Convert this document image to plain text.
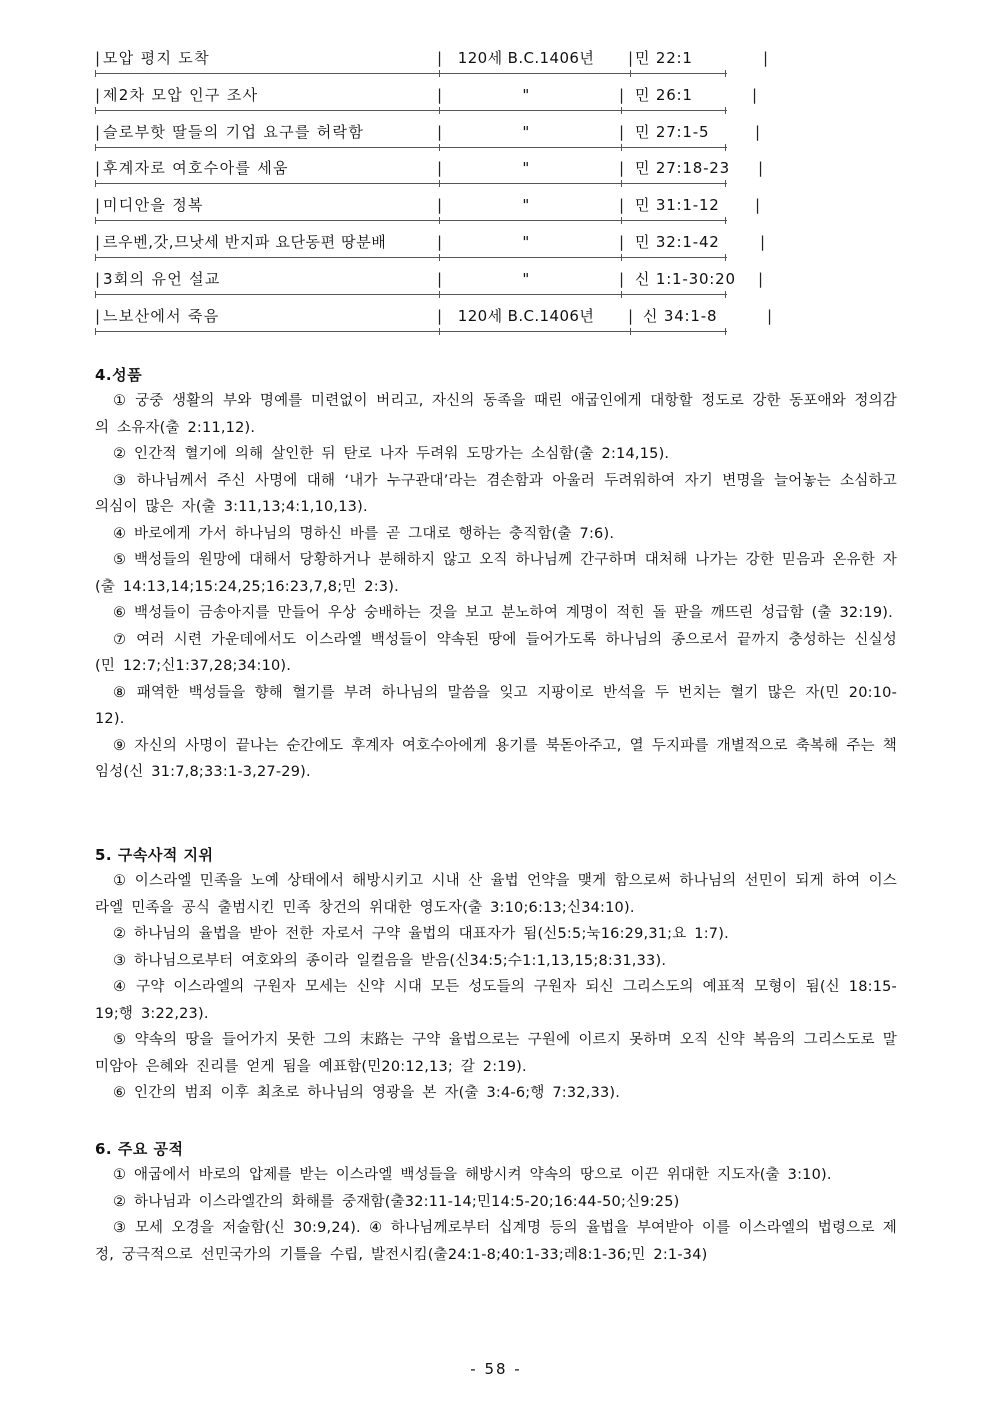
| 모압 평지 도착	|	120세 B.C.1406년	| 민 22:1	|
| 제2차 모압 인구 조사	|	"	| 민 26:1	|
| 슬로부핫 딸들의 기업 요구를 허락함	|	"	| 민 27:1-5	|
| 후계자로 여호수아를 세움	|	"	| 민 27:18-23 |
| 미디안을 정복	|	"	| 민 31:1-12 |
| 르우벤,갓,므낫세 반지파 요단동편 땅분배	|	"	| 민 32:1-42	|
| 3회의 유언 설교	|	"	| 신 1:1-30:20 |
| 느보산에서 죽음	|	120세 B.C.1406년	| 신 34:1-8	|
4.성품

① 궁중 생활의 부와 명예를 미련없이 버리고, 자신의 동족을 때린 애굽인에게 대항할 정도로 강한 동포애와 정의감의 소유자(출 2:11,12).

② 인간적 혈기에 의해 살인한 뒤 탄로 나자 두려워 도망가는 소심함(출 2:14,15).

③ 하나님께서 주신 사명에 대해 ‘내가 누구관대’라는 겸손함과 아울러 두려워하여 자기 변명을 늘어놓는 소심하고 의심이 많은 자(출 3:11,13;4:1,10,13).

④ 바로에게 가서 하나님의 명하신 바를 곧 그대로 행하는 충직함(출 7:6).

⑤ 백성들의 원망에 대해서 당황하거나 분해하지 않고 오직 하나님께 간구하며 대처해 나가는 강한 믿음과 온유한 자(출 14:13,14;15:24,25;16:23,7,8;민 2:3).

⑥ 백성들이 금송아지를 만들어 우상 숭배하는 것을 보고 분노하여 계명이 적힌 돌 판을 깨뜨린 성급함 (출 32:19).

⑦ 여러 시련 가운데에서도 이스라엘 백성들이 약속된 땅에 들어가도록 하나님의 종으로서 끝까지 충성하는 신실성(민 12:7;신1:37,28;34:10).

⑧ 패역한 백성들을 향해 혈기를 부려 하나님의 말씀을 잊고 지팡이로 반석을 두 번치는 혈기 많은 자(민 20:10-12).

⑨ 자신의 사명이 끝나는 순간에도 후계자 여호수아에게 용기를 북돋아주고, 열 두지파를 개별적으로 축복해 주는 책임성(신 31:7,8;33:1-3,27-29).

5. 구속사적 지위

① 이스라엘 민족을 노예 상태에서 해방시키고 시내 산 율법 언약을 맺게 함으로써 하나님의 선민이 되게 하여 이스라엘 민족을 공식 출범시킨 민족 창건의 위대한 영도자(출 3:10;6:13;신34:10).

② 하나님의 율법을 받아 전한 자로서 구약 율법의 대표자가 됨(신5:5;눅16:29,31;요 1:7).

③ 하나님으로부터 여호와의 종이라 일컬음을 받음(신34:5;수1:1,13,15;8:31,33).

④ 구약 이스라엘의 구원자 모세는 신약 시대 모든 성도들의 구원자 되신 그리스도의 예표적 모형이 됨(신 18:15-19;행 3:22,23).

⑤ 약속의 땅을 들어가지 못한 그의 末路는 구약 율법으로는 구원에 이르지 못하며 오직 신약 복음의 그리스도로 말미암아 은혜와 진리를 얻게 됨을 예표함(민20:12,13; 갈 2:19).

⑥ 인간의 범죄 이후 최초로 하나님의 영광을 본 자(출 3:4-6;행 7:32,33).

6. 주요 공적

① 애굽에서 바로의 압제를 받는 이스라엘 백성들을 해방시켜 약속의 땅으로 이끈 위대한 지도자(출 3:10).

② 하나님과 이스라엘간의 화해를 중재함(출32:11-14;민14:5-20;16:44-50;신9:25)

③ 모세 오경을 저술함(신 30:9,24). ④ 하나님께로부터 십계명 등의 율법을 부여받아 이를 이스라엘의 법령으로 제정, 궁극적으로 선민국가의 기틀을 수립, 발전시킴(출24:1-8;40:1-33;레8:1-36;민 2:1-34)

- 58 -
